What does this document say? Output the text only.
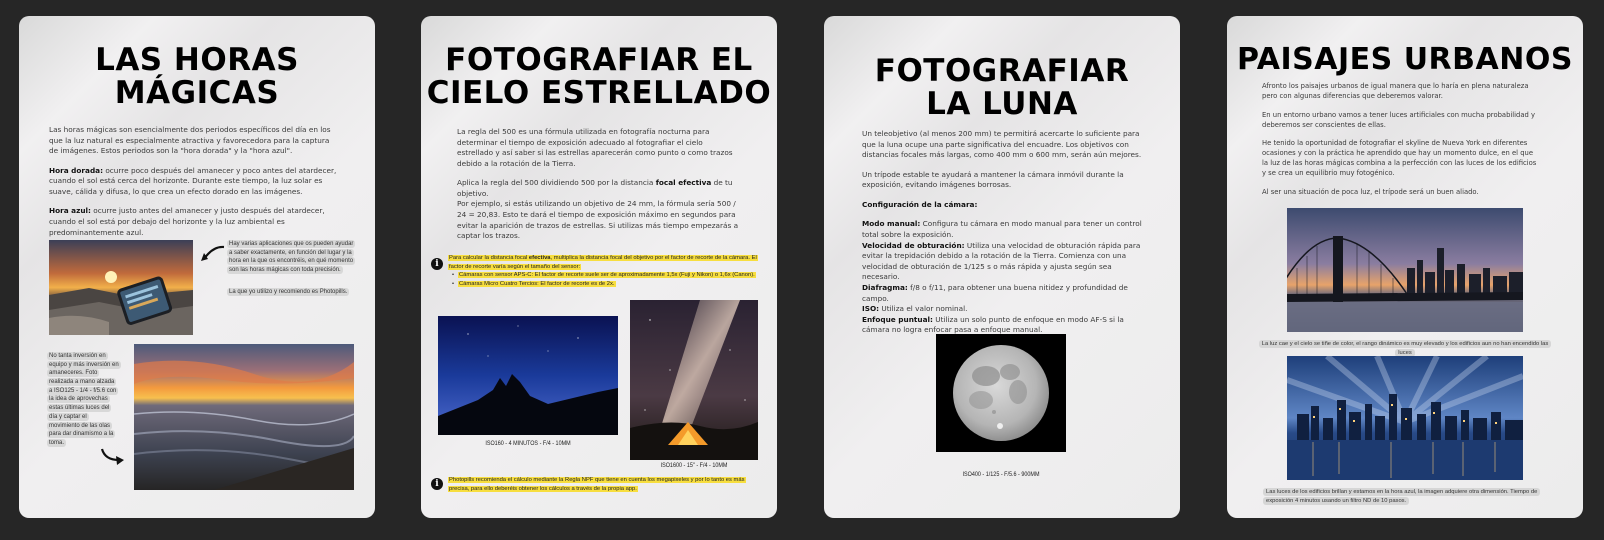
LAS HORAS
MÁGICAS

Las horas mágicas son esencialmente dos periodos específicos del día en los que la luz natural es especialmente atractiva y favorecedora para la captura de imágenes. Estos periodos son la "hora dorada" y la "hora azul".

Hora dorada: ocurre poco después del amanecer y poco antes del atardecer, cuando el sol está cerca del horizonte. Durante este tiempo, la luz solar es suave, cálida y difusa, lo que crea un efecto dorado en las imágenes.

Hora azul: ocurre justo antes del amanecer y justo después del atardecer, cuando el sol está por debajo del horizonte y la luz ambiental es predominantemente azul.

Hay varias aplicaciones que os pueden ayudar a saber exactamente, en función del lugar y la hora en la que os encontréis, en qué momento son las horas mágicas con toda precisión.
La que yo utilizo y recomiendo es Photopills.
No tanta inversión en equipo y más inversión en amaneceres. Foto realizada a mano alzada a ISO125 - 1/4 - f/5.6 con la idea de aprovechas estas últimas luces del día y captar el movimiento de las olas para dar dinamismo a la toma.
FOTOGRAFIAR EL
CIELO ESTRELLADO

La regla del 500 es una fórmula utilizada en fotografía nocturna para determinar el tiempo de exposición adecuado al fotografiar el cielo estrellado y así saber si las estrellas aparecerán como punto o como trazos debido a la rotación de la Tierra.

Aplica la regla del 500 dividiendo 500 por la distancia focal efectiva de tu objetivo.

Por ejemplo, si estás utilizando un objetivo de 24 mm, la fórmula sería 500 / 24 = 20,83. Esto te dará el tiempo de exposición máximo en segundos para evitar la aparición de trazos de estrellas. Si utilizas más tiempo empezarás a captar los trazos.

i
Para calcular la distancia focal efectiva, multiplica la distancia focal del objetivo por el factor de recorte de la cámara. El factor de recorte varía según el tamaño del sensor:
• Cámaras con sensor APS-C: El factor de recorte suele ser de aproximadamente 1,5x (Fuji y Nikon) o 1,6x (Canon).
• Cámaras Micro Cuatro Tercios: El factor de recorte es de 2x.
ISO160 - 4 MINUTOS - F/4 - 10MM
ISO1600 - 15" - F/4 - 10MM
i	Photopills recomienda el cálculo mediante la Regla NPF que tiene en cuenta los megapixeles y por lo tanto es más precisa, para ello deberéis obtener los cálculos a través de la propia app.
FOTOGRAFIAR
LA LUNA

Un teleobjetivo (al menos 200 mm) te permitirá acercarte lo suficiente para que la luna ocupe una parte significativa del encuadre. Los objetivos con distancias focales más largas, como 400 mm o 600 mm, serán aún mejores.

Un trípode estable te ayudará a mantener la cámara inmóvil durante la exposición, evitando imágenes borrosas.

Configuración de la cámara:

Modo manual: Configura tu cámara en modo manual para tener un control total sobre la exposición.
Velocidad de obturación: Utiliza una velocidad de obturación rápida para evitar la trepidación debido a la rotación de la Tierra. Comienza con una velocidad de obturación de 1/125 s o más rápida y ajusta según sea necesario.
Diafragma: f/8 o f/11, para obtener una buena nitidez y profundidad de campo.
ISO: Utiliza el valor nominal.
Enfoque puntual: Utiliza un solo punto de enfoque en modo AF-S si la cámara no logra enfocar pasa a enfoque manual.
ISO400 - 1/125 - F/5.6 - 900MM
PAISAJES URBANOS

Afronto los paisajes urbanos de igual manera que lo haría en plena naturaleza pero con algunas diferencias que deberemos valorar.

En un entorno urbano vamos a tener luces artificiales con mucha probabilidad y deberemos ser conscientes de ellas.

He tenido la oportunidad de fotografiar el skyline de Nueva York en diferentes ocasiones y con la práctica he aprendido que hay un momento dulce, en el que la luz de las horas mágicas combina a la perfección con las luces de los edificios y se crea un equilibrio muy fotogénico.

Al ser una situación de poca luz, el trípode será un buen aliado.

La luz cae y el cielo se tiñe de color, el rango dinámico es muy elevado y los edificios aun no han encendido las luces
Las luces de los edificios brillan y estamos en la hora azul, la imagen adquiere otra dimensión. Tiempo de exposición 4 minutos usando un filtro ND de 10 pasos.
